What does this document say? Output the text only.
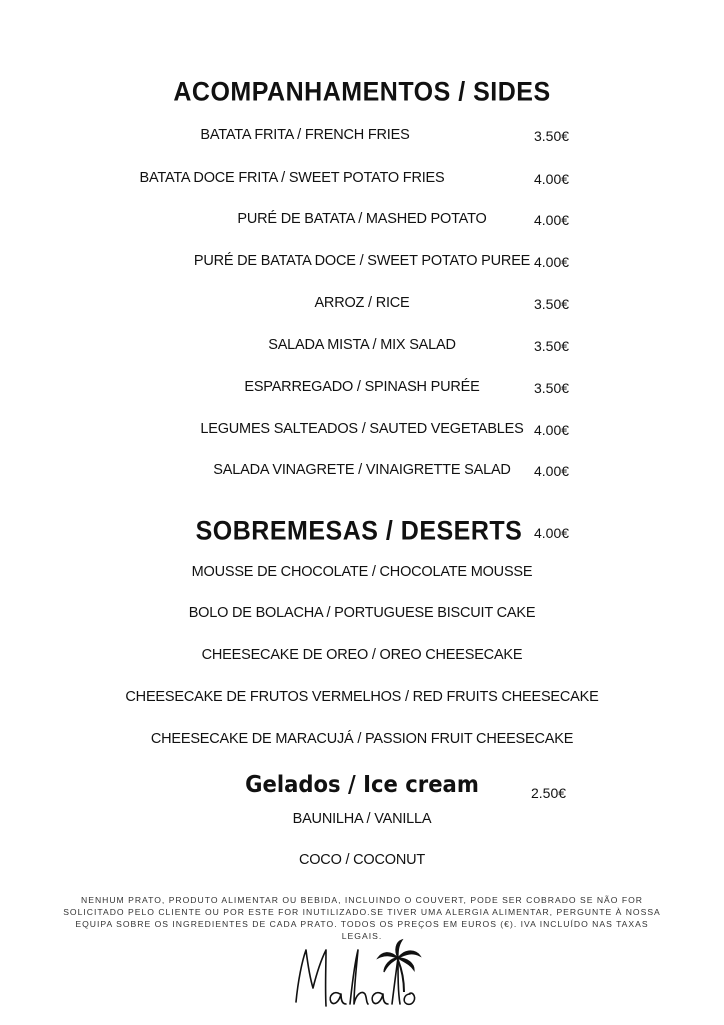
ACOMPANHAMENTOS / SIDES
BATATA FRITA / FRENCH FRIES	3.50€
BATATA DOCE FRITA / SWEET POTATO FRIES	4.00€
PURÉ DE BATATA / MASHED POTATO	4.00€
PURÉ DE BATATA DOCE / SWEET POTATO PUREE 4.00€
ARROZ / RICE	3.50€
SALADA MISTA / MIX SALAD	3.50€
ESPARREGADO / SPINASH PURÉE	3.50€
LEGUMES SALTEADOS / SAUTED VEGETABLES 4.00€
SALADA VINAGRETE / VINAIGRETTE SALAD	4.00€
SOBREMESAS / DESERTS 4.00€
MOUSSE DE CHOCOLATE / CHOCOLATE MOUSSE
BOLO DE BOLACHA / PORTUGUESE BISCUIT CAKE
CHEESECAKE DE OREO / OREO CHEESECAKE
CHEESECAKE DE FRUTOS VERMELHOS / RED FRUITS CHEESECAKE
CHEESECAKE DE MARACUJÁ / PASSION FRUIT CHEESECAKE
Gelados / Ice cream	2.50€
BAUNILHA / VANILLA
COCO / COCONUT
NENHUM PRATO, PRODUTO ALIMENTAR OU BEBIDA, INCLUINDO O COUVERT, PODE SER COBRADO SE NÃO FOR SOLICITADO PELO CLIENTE OU POR ESTE FOR INUTILIZADO.SE TIVER UMA ALERGIA ALIMENTAR, PERGUNTE À NOSSA EQUIPA SOBRE OS INGREDIENTES DE CADA PRATO. TODOS OS PREÇOS EM EUROS (€). IVA INCLUÍDO NAS TAXAS LEGAIS.
